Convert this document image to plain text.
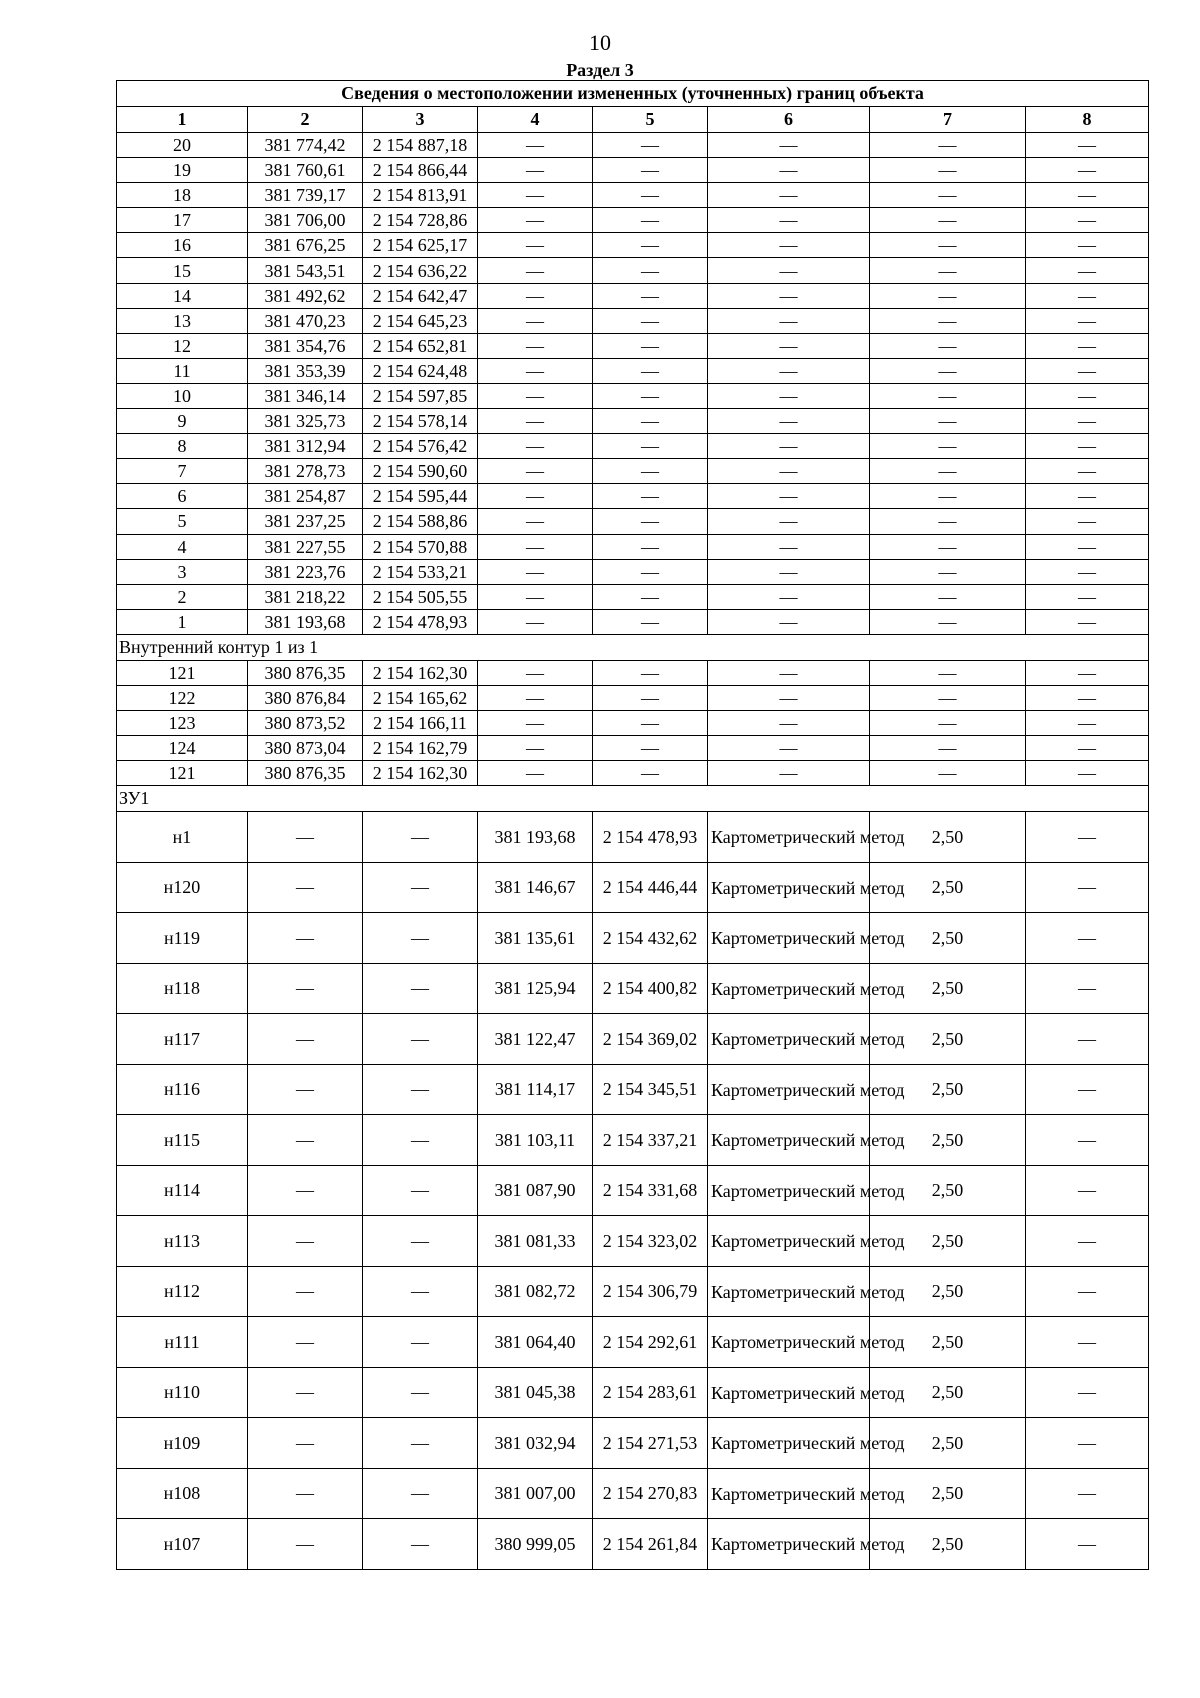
10
Раздел 3
Сведения о местоположении измененных (уточненных) границ объекта							
1	2	3	4	5	6	7	8
20	381 774,42	2 154 887,18	—	—	—	—	—
19	381 760,61	2 154 866,44	—	—	—	—	—
18	381 739,17	2 154 813,91	—	—	—	—	—
17	381 706,00	2 154 728,86	—	—	—	—	—
16	381 676,25	2 154 625,17	—	—	—	—	—
15	381 543,51	2 154 636,22	—	—	—	—	—
14	381 492,62	2 154 642,47	—	—	—	—	—
13	381 470,23	2 154 645,23	—	—	—	—	—
12	381 354,76	2 154 652,81	—	—	—	—	—
11	381 353,39	2 154 624,48	—	—	—	—	—
10	381 346,14	2 154 597,85	—	—	—	—	—
9	381 325,73	2 154 578,14	—	—	—	—	—
8	381 312,94	2 154 576,42	—	—	—	—	—
7	381 278,73	2 154 590,60	—	—	—	—	—
6	381 254,87	2 154 595,44	—	—	—	—	—
5	381 237,25	2 154 588,86	—	—	—	—	—
4	381 227,55	2 154 570,88	—	—	—	—	—
3	381 223,76	2 154 533,21	—	—	—	—	—
2	381 218,22	2 154 505,55	—	—	—	—	—
1	381 193,68	2 154 478,93	—	—	—	—	—
Внутренний контур 1 из 1							
121	380 876,35	2 154 162,30	—	—	—	—	—
122	380 876,84	2 154 165,62	—	—	—	—	—
123	380 873,52	2 154 166,11	—	—	—	—	—
124	380 873,04	2 154 162,79	—	—	—	—	—
121	380 876,35	2 154 162,30	—	—	—	—	—
ЗУ1							
н1	—	—	381 193,68	2 154 478,93	Картометрический метод	2,50	—
н120	—	—	381 146,67	2 154 446,44	Картометрический метод	2,50	—
н119	—	—	381 135,61	2 154 432,62	Картометрический метод	2,50	—
н118	—	—	381 125,94	2 154 400,82	Картометрический метод	2,50	—
н117	—	—	381 122,47	2 154 369,02	Картометрический метод	2,50	—
н116	—	—	381 114,17	2 154 345,51	Картометрический метод	2,50	—
н115	—	—	381 103,11	2 154 337,21	Картометрический метод	2,50	—
н114	—	—	381 087,90	2 154 331,68	Картометрический метод	2,50	—
н113	—	—	381 081,33	2 154 323,02	Картометрический метод	2,50	—
н112	—	—	381 082,72	2 154 306,79	Картометрический метод	2,50	—
н111	—	—	381 064,40	2 154 292,61	Картометрический метод	2,50	—
н110	—	—	381 045,38	2 154 283,61	Картометрический метод	2,50	—
н109	—	—	381 032,94	2 154 271,53	Картометрический метод	2,50	—
н108	—	—	381 007,00	2 154 270,83	Картометрический метод	2,50	—
н107	—	—	380 999,05	2 154 261,84	Картометрический метод	2,50	—
